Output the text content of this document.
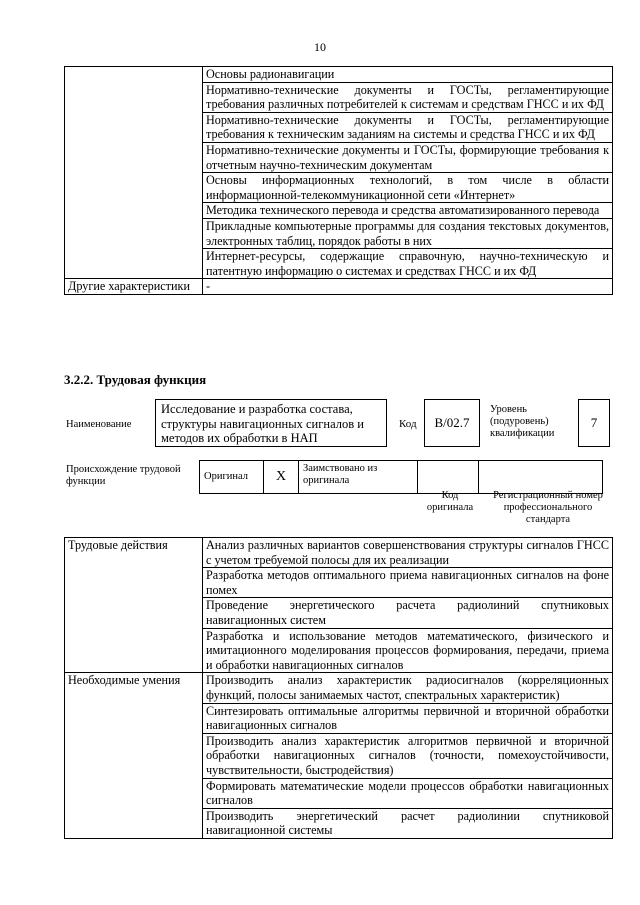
10
	Основы радионавигации
	Нормативно-технические документы и ГОСТы, регламентирующие требования различных потребителей к системам и средствам ГНСС и их ФД
	Нормативно-технические документы и ГОСТы, регламентирующие требования к техническим заданиям на системы и средства ГНСС и их ФД
	Нормативно-технические документы и ГОСТы, формирующие требования к отчетным научно-техническим документам
	Основы информационных технологий, в том числе в области информационной-телекоммуникационной сети «Интернет»
	Методика технического перевода и средства автоматизированного перевода
	Прикладные компьютерные программы для создания текстовых документов, электронных таблиц, порядок работы в них
	Интернет-ресурсы, содержащие справочную, научно-техническую и патентную информацию о системах и средствах ГНСС и их ФД
Другие характеристики	-
3.2.2. Трудовая функция
Наименование
Исследование и разработка состава, структуры навигационных сигналов и методов их обработки в НАП
Код	B/02.7
Уровень (подуровень) квалификации
7
Происхождение трудовой функции	Оригинал	X	Заимствовано из оригинала		
Код оригинала
Регистрационный номер профессионального стандарта
Трудовые действия	Анализ различных вариантов совершенствования структуры сигналов ГНСС с учетом требуемой полосы для их реализации
	Разработка методов оптимального приема навигационных сигналов на фоне помех
	Проведение энергетического расчета радиолиний спутниковых навигационных систем
	Разработка и использование методов математического, физического и имитационного моделирования процессов формирования, передачи, приема и обработки навигационных сигналов
Необходимые умения	Производить анализ характеристик радиосигналов (корреляционных функций, полосы занимаемых частот, спектральных характеристик)
	Синтезировать оптимальные алгоритмы первичной и вторичной обработки навигационных сигналов
	Производить анализ характеристик алгоритмов первичной и вторичной обработки навигационных сигналов (точности, помехоустойчивости, чувствительности, быстродействия)
	Формировать математические модели процессов обработки навигационных сигналов
	Производить энергетический расчет радиолинии спутниковой навигационной системы
